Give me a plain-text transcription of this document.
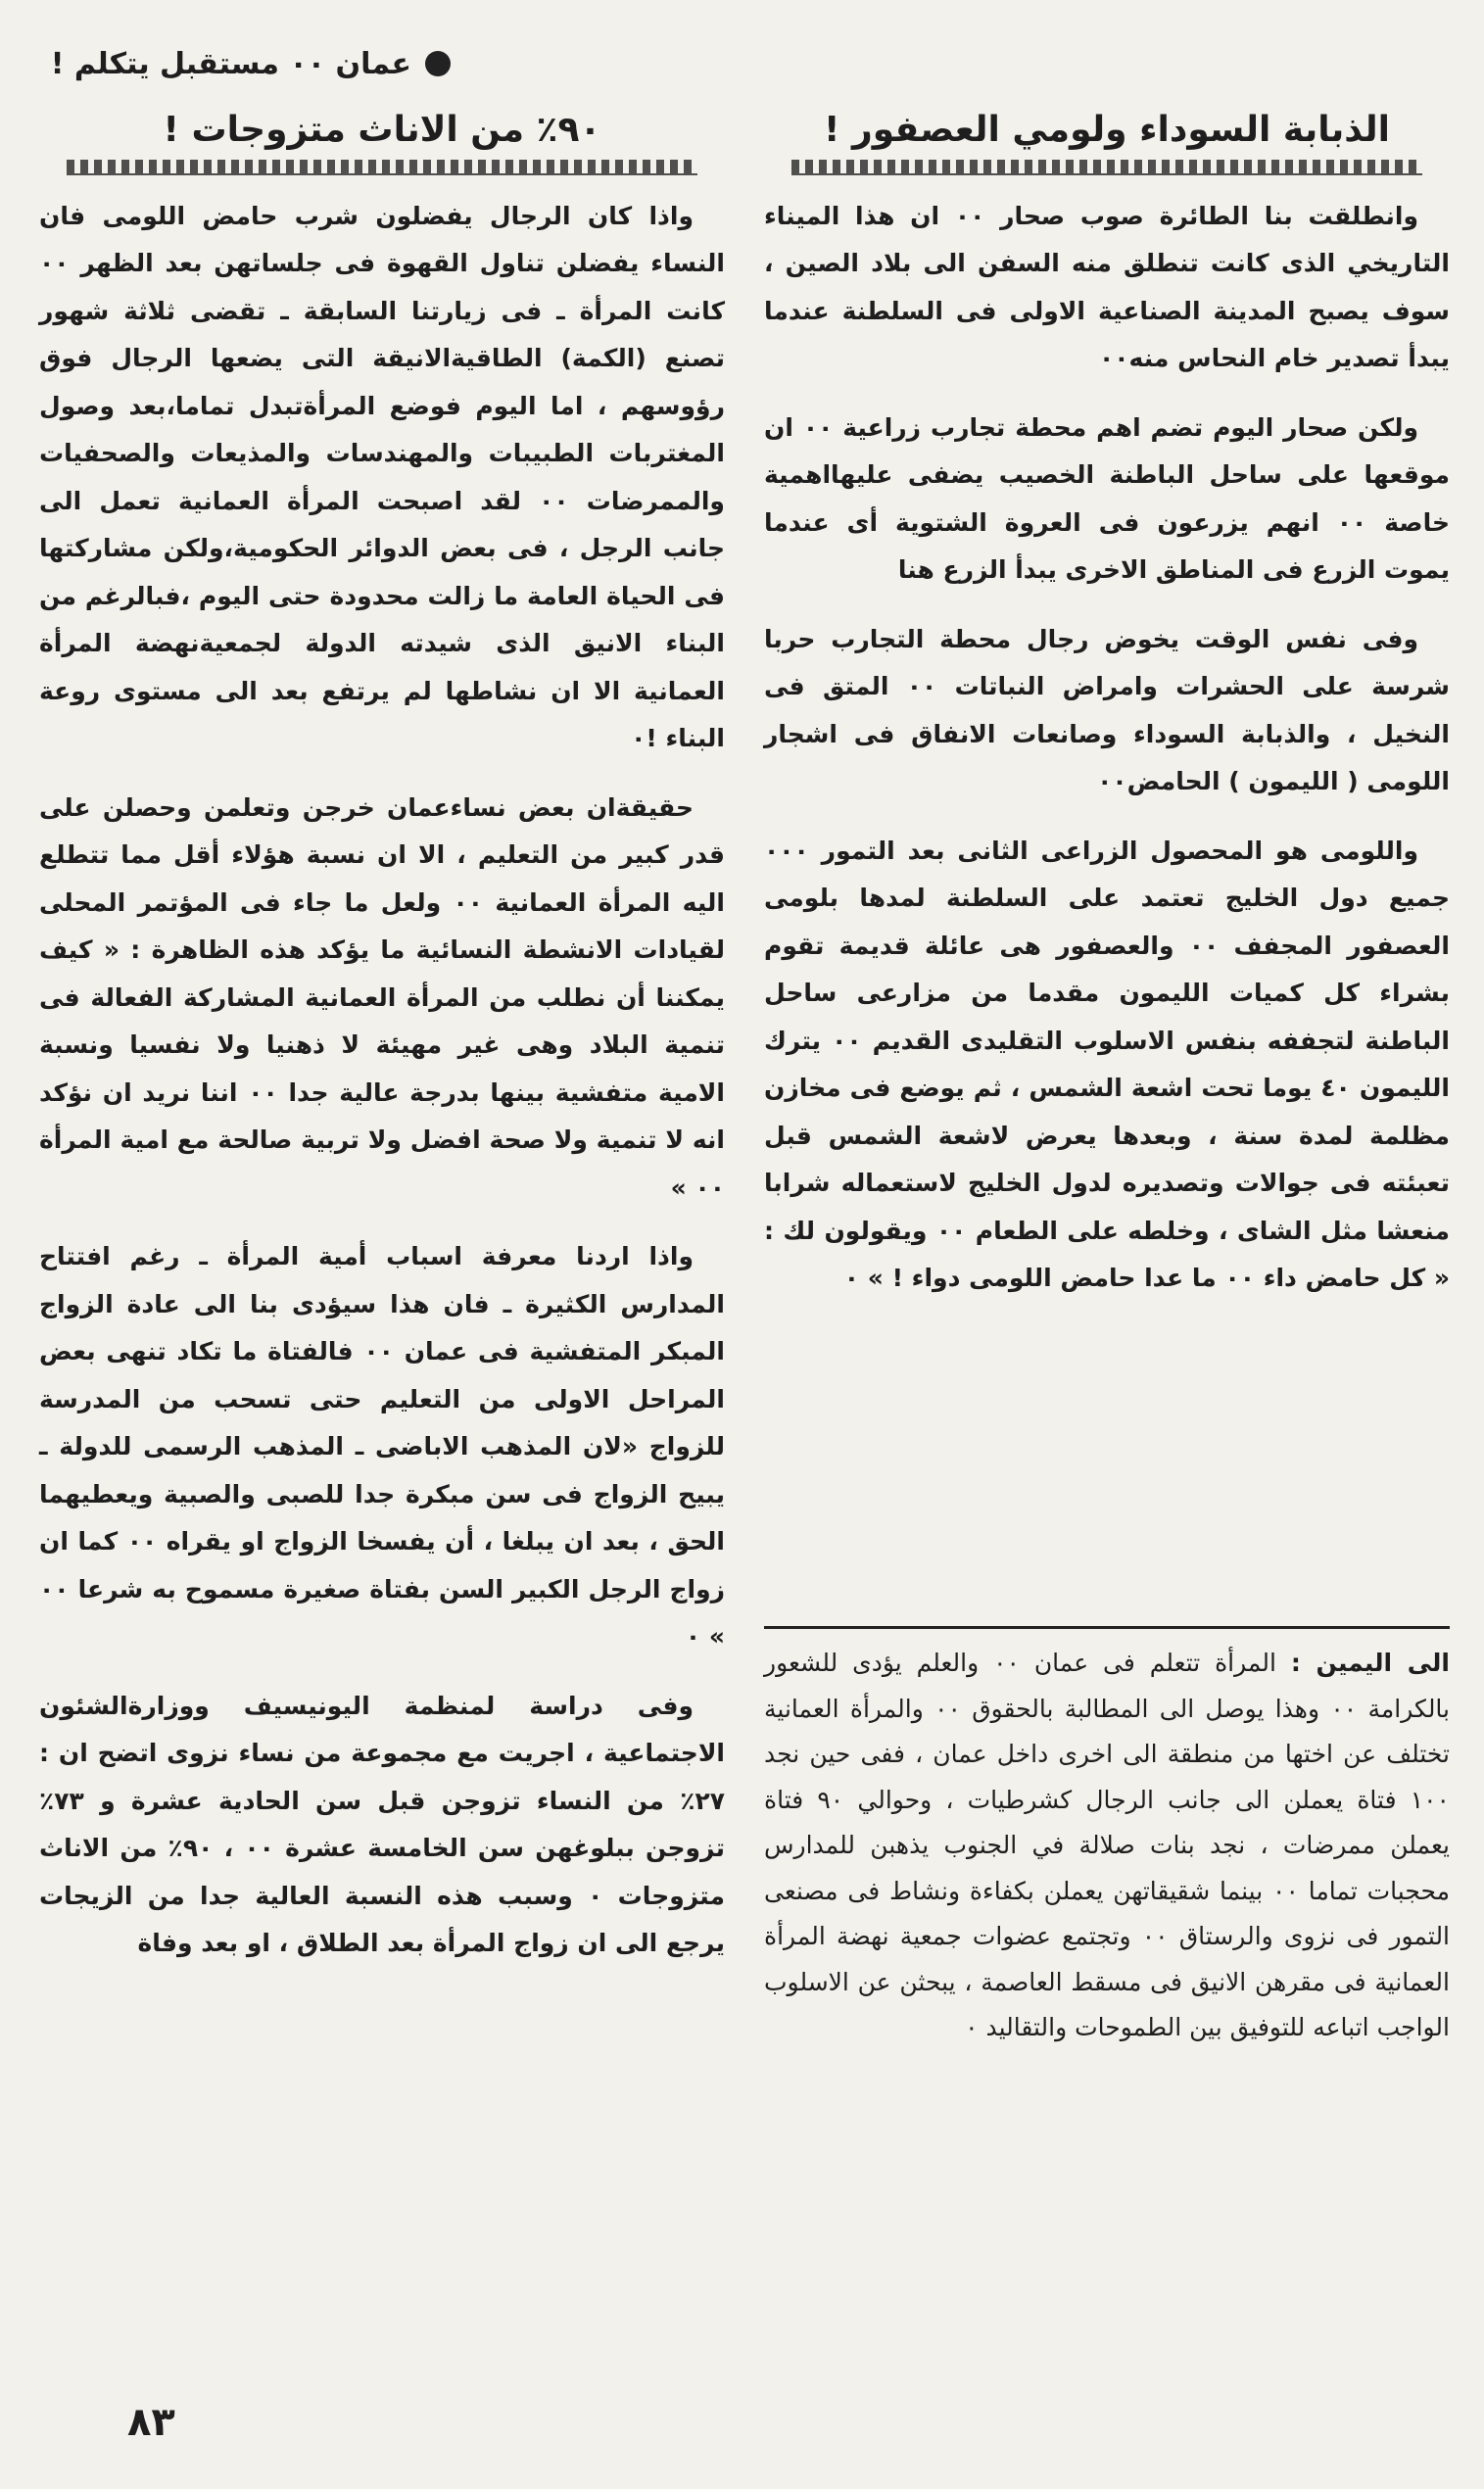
عمان ٠٠ مستقبل يتكلم !
الذبابة السوداء ولومي العصفور !

وانطلقت بنا الطائرة صوب صحار ٠٠ ان هذا الميناء التاريخي الذى كانت تنطلق منه السفن الى بلاد الصين ، سوف يصبح المدينة الصناعية الاولى فى السلطنة عندما يبدأ تصدير خام النحاس منه٠٠

ولكن صحار اليوم تضم اهم محطة تجارب زراعية ٠٠ ان موقعها على ساحل الباطنة الخصيب يضفى عليهااهمية خاصة ٠٠ انهم يزرعون فى العروة الشتوية أى عندما يموت الزرع فى المناطق الاخرى يبدأ الزرع هنا

وفى نفس الوقت يخوض رجال محطة التجارب حربا شرسة على الحشرات وامراض النباتات ٠٠ المتق فى النخيل ، والذبابة السوداء وصانعات الانفاق فى اشجار اللومى ( الليمون ) الحامض٠٠

واللومى هو المحصول الزراعى الثانى بعد التمور ٠٠٠ جميع دول الخليج تعتمد على السلطنة لمدها بلومى العصفور المجفف ٠٠ والعصفور هى عائلة قديمة تقوم بشراء كل كميات الليمون مقدما من مزارعى ساحل الباطنة لتجففه بنفس الاسلوب التقليدى القديم ٠٠ يترك الليمون ٤٠ يوما تحت اشعة الشمس ، ثم يوضع فى مخازن مظلمة لمدة سنة ، وبعدها يعرض لاشعة الشمس قبل تعبئته فى جوالات وتصديره لدول الخليج لاستعماله شرابا منعشا مثل الشاى ، وخلطه على الطعام ٠٠ ويقولون لك : « كل حامض داء ٠٠ ما عدا حامض اللومى دواء ! » ٠

٩٠٪ من الاناث متزوجات !

واذا كان الرجال يفضلون شرب حامض اللومى فان النساء يفضلن تناول القهوة فى جلساتهن بعد الظهر ٠٠ كانت المرأة ـ فى زيارتنا السابقة ـ تقضى ثلاثة شهور تصنع (الكمة) الطاقيةالانيقة التى يضعها الرجال فوق رؤوسهم ، اما اليوم فوضع المرأةتبدل تماما،بعد وصول المغتربات الطبيبات والمهندسات والمذيعات والصحفيات والممرضات ٠٠ لقد اصبحت المرأة العمانية تعمل الى جانب الرجل ، فى بعض الدوائر الحكومية،ولكن مشاركتها فى الحياة العامة ما زالت محدودة حتى اليوم ،فبالرغم من البناء الانيق الذى شيدته الدولة لجمعيةنهضة المرأة العمانية الا ان نشاطها لم يرتفع بعد الى مستوى روعة البناء !٠

حقيقةان بعض نساءعمان خرجن وتعلمن وحصلن على قدر كبير من التعليم ، الا ان نسبة هؤلاء أقل مما تتطلع اليه المرأة العمانية ٠٠ ولعل ما جاء فى المؤتمر المحلى لقيادات الانشطة النسائية ما يؤكد هذه الظاهرة : « كيف يمكننا أن نطلب من المرأة العمانية المشاركة الفعالة فى تنمية البلاد وهى غير مهيئة لا ذهنيا ولا نفسيا ونسبة الامية متفشية بينها بدرجة عالية جدا ٠٠ اننا نريد ان نؤكد انه لا تنمية ولا صحة افضل ولا تربية صالحة مع امية المرأة ٠٠ »

واذا اردنا معرفة اسباب أمية المرأة ـ رغم افتتاح المدارس الكثيرة ـ فان هذا سيؤدى بنا الى عادة الزواج المبكر المتفشية فى عمان ٠٠ فالفتاة ما تكاد تنهى بعض المراحل الاولى من التعليم حتى تسحب من المدرسة للزواج «لان المذهب الاباضى ـ المذهب الرسمى للدولة ـ يبيح الزواج فى سن مبكرة جدا للصبى والصبية ويعطيهما الحق ، بعد ان يبلغا ، أن يفسخا الزواج او يقراه ٠٠ كما ان زواج الرجل الكبير السن بفتاة صغيرة مسموح به شرعا ٠٠ » ٠

وفى دراسة لمنظمة اليونيسيف ووزارةالشئون الاجتماعية ، اجريت مع مجموعة من نساء نزوى اتضح ان : ٢٧٪ من النساء تزوجن قبل سن الحادية عشرة و ٧٣٪ تزوجن ببلوغهن سن الخامسة عشرة ٠٠ ، ٩٠٪ من الاناث متزوجات ٠ وسبب هذه النسبة العالية جدا من الزيجات يرجع الى ان زواج المرأة بعد الطلاق ، او بعد وفاة

الى اليمين : المرأة تتعلم فى عمان ٠٠ والعلم يؤدى للشعور بالكرامة ٠٠ وهذا يوصل الى المطالبة بالحقوق ٠٠ والمرأة العمانية تختلف عن اختها من منطقة الى اخرى داخل عمان ، ففى حين نجد ١٠٠ فتاة يعملن الى جانب الرجال كشرطيات ، وحوالي ٩٠ فتاة يعملن ممرضات ، نجد بنات صلالة في الجنوب يذهبن للمدارس محجبات تماما ٠٠ بينما شقيقاتهن يعملن بكفاءة ونشاط فى مصنعى التمور فى نزوى والرستاق ٠٠ وتجتمع عضوات جمعية نهضة المرأة العمانية فى مقرهن الانيق فى مسقط العاصمة ، يبحثن عن الاسلوب الواجب اتباعه للتوفيق بين الطموحات والتقاليد ٠

٨٣
